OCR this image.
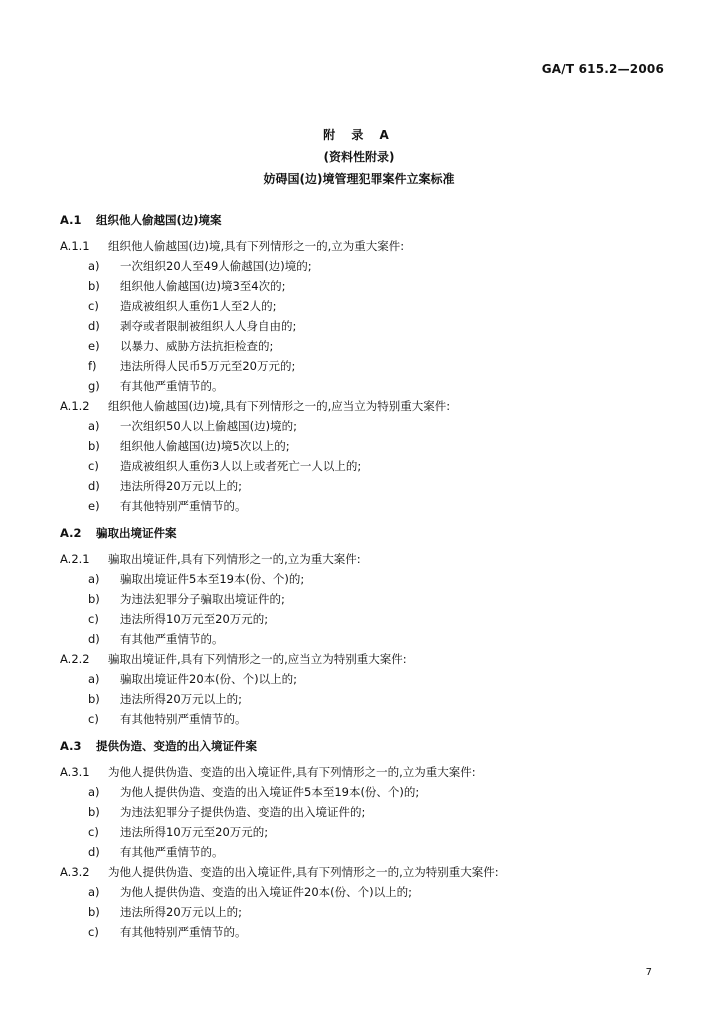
GA/T 615.2—2006
附 录 A
(资料性附录)
妨碍国(边)境管理犯罪案件立案标准
A.1 组织他人偷越国(边)境案
A.1.1 组织他人偷越国(边)境,具有下列情形之一的,立为重大案件:
a) 一次组织20人至49人偷越国(边)境的;
b) 组织他人偷越国(边)境3至4次的;
c) 造成被组织人重伤1人至2人的;
d) 剥夺或者限制被组织人人身自由的;
e) 以暴力、威胁方法抗拒检查的;
f) 违法所得人民币5万元至20万元的;
g) 有其他严重情节的。
A.1.2 组织他人偷越国(边)境,具有下列情形之一的,应当立为特别重大案件:
a) 一次组织50人以上偷越国(边)境的;
b) 组织他人偷越国(边)境5次以上的;
c) 造成被组织人重伤3人以上或者死亡一人以上的;
d) 违法所得20万元以上的;
e) 有其他特别严重情节的。
A.2 骗取出境证件案
A.2.1 骗取出境证件,具有下列情形之一的,立为重大案件:
a) 骗取出境证件5本至19本(份、个)的;
b) 为违法犯罪分子骗取出境证件的;
c) 违法所得10万元至20万元的;
d) 有其他严重情节的。
A.2.2 骗取出境证件,具有下列情形之一的,应当立为特别重大案件:
a) 骗取出境证件20本(份、个)以上的;
b) 违法所得20万元以上的;
c) 有其他特别严重情节的。
A.3 提供伪造、变造的出入境证件案
A.3.1 为他人提供伪造、变造的出入境证件,具有下列情形之一的,立为重大案件:
a) 为他人提供伪造、变造的出入境证件5本至19本(份、个)的;
b) 为违法犯罪分子提供伪造、变造的出入境证件的;
c) 违法所得10万元至20万元的;
d) 有其他严重情节的。
A.3.2 为他人提供伪造、变造的出入境证件,具有下列情形之一的,立为特别重大案件:
a) 为他人提供伪造、变造的出入境证件20本(份、个)以上的;
b) 违法所得20万元以上的;
c) 有其他特别严重情节的。
7
